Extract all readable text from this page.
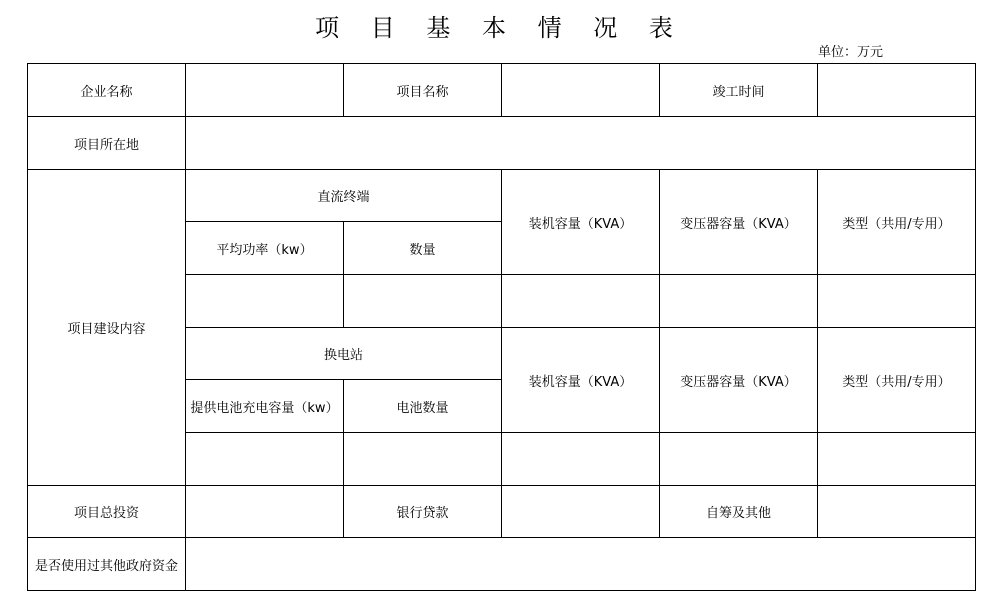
项 目 基 本 情 况 表
单位：万元
企业名称		项目名称		竣工时间	
项目所在地					
项目建设内容	直流终端		装机容量（KVA）	变压器容量（KVA）	类型（共用/专用）
	平均功率（kw）	数量			

	换电站		装机容量（KVA）	变压器容量（KVA）	类型（共用/专用）
	提供电池充电容量（kw）	电池数量			

项目总投资		银行贷款		自筹及其他	
是否使用过其他政府资金					
